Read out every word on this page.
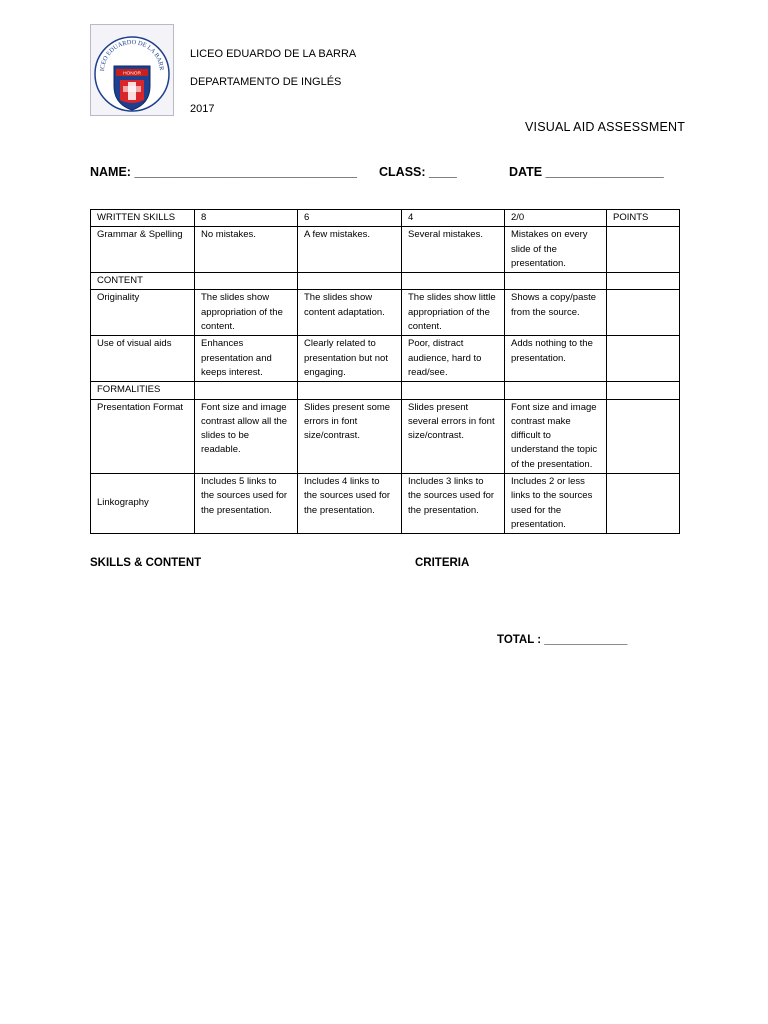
ICEO EDUARDO DE LA BARR
HONOR
LICEO EDUARDO DE LA BARRA
DEPARTAMENTO DE INGLÉS
2017
VISUAL AID ASSESSMENT
NAME: ________________________________ CLASS: ____	DATE _________________
WRITTEN SKILLS	8	6	4	2/0	POINTS
Grammar & Spelling	No mistakes.	A few mistakes.	Several mistakes.	Mistakes on every slide of the presentation.	
CONTENT					
Originality	The slides show appropriation of the content.	The slides show content adaptation.	The slides show little appropriation of the content.	Shows a copy/paste from the source.	
Use of visual aids	Enhances presentation and keeps interest.	Clearly related to presentation but not engaging.	Poor, distract audience, hard to read/see.	Adds nothing to the presentation.	
FORMALITIES					
Presentation Format	Font size and image contrast allow all the slides to be readable.	Slides present some errors in font size/contrast.	Slides present several errors in font size/contrast.	Font size and image contrast make difficult to understand the topic of the presentation.	
Linkography	Includes 5 links to the sources used for the presentation.	Includes 4 links to the sources used for the presentation.	Includes 3 links to the sources used for the presentation.	Includes 2 or less links to the sources used for the presentation.	
SKILLS & CONTENT	CRITERIA
TOTAL : _____________
